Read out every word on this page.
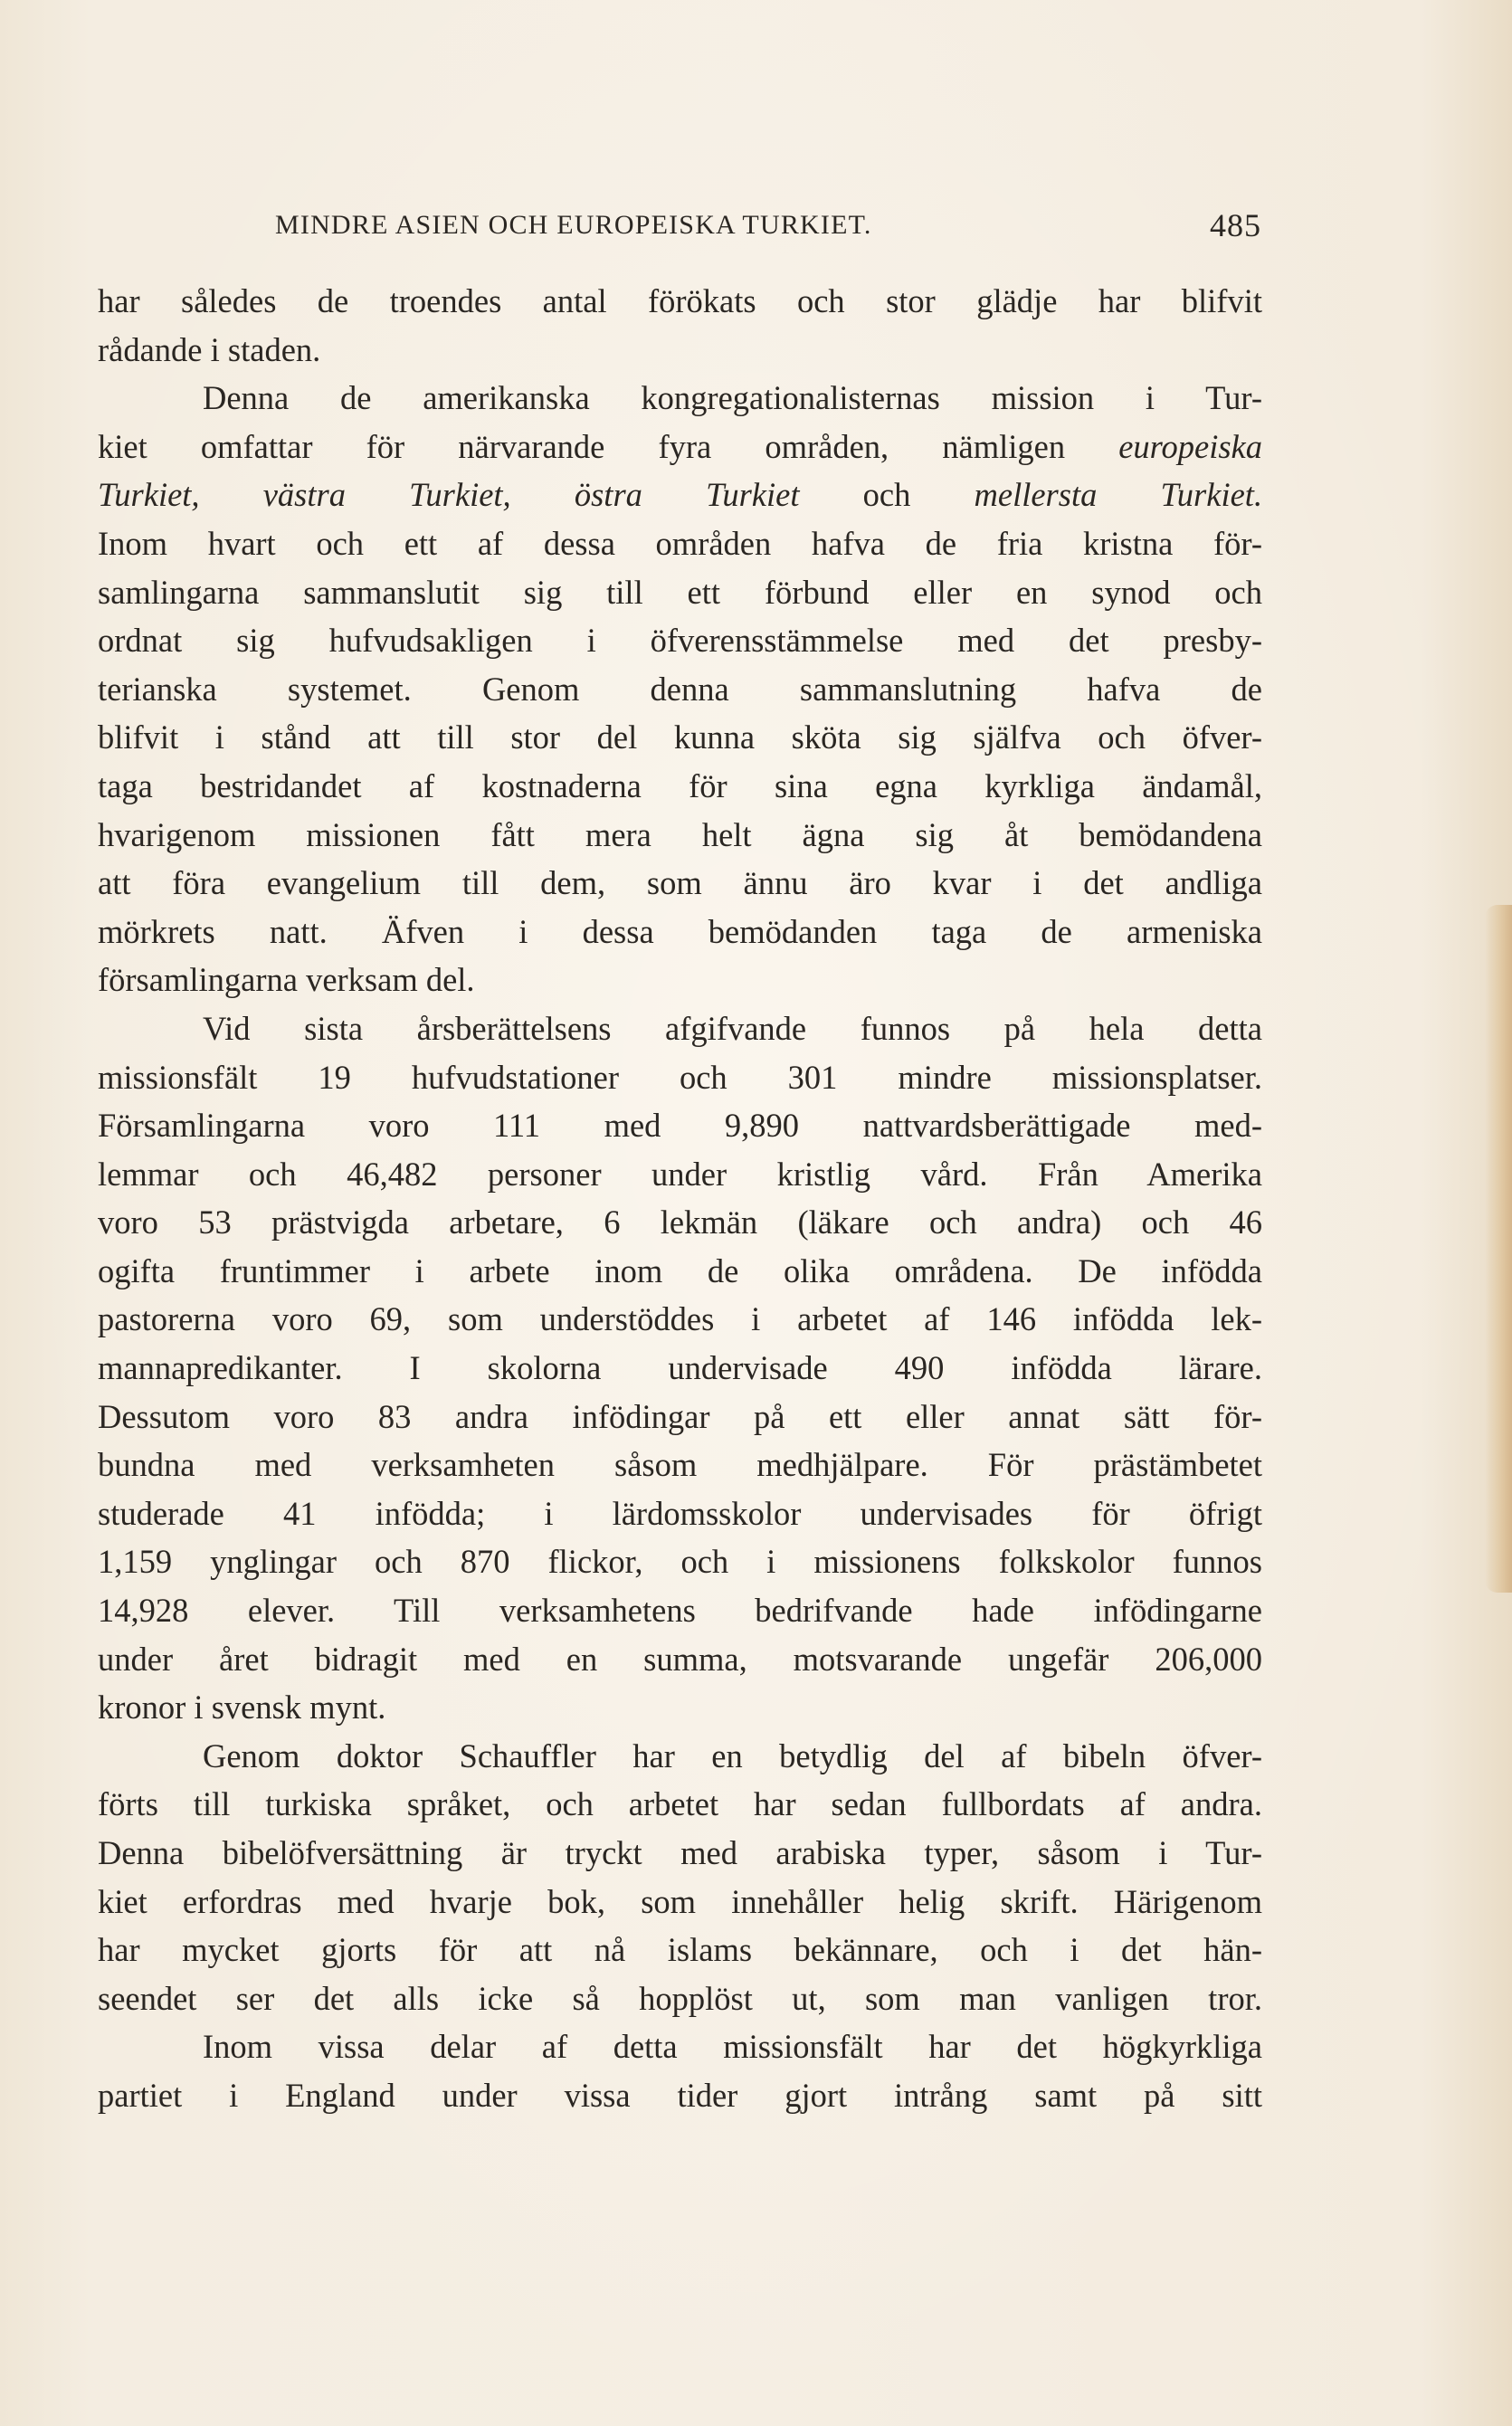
MINDRE ASIEN OCH EUROPEISKA TURKIET.	485
har således de troendes antal förökats och stor glädje har blifvit
rådande i staden.
Denna de amerikanska kongregationalisternas mission i Tur-
kiet omfattar för närvarande fyra områden, nämligen europeiska
Turkiet, västra Turkiet, östra Turkiet och mellersta Turkiet.
Inom hvart och ett af dessa områden hafva de fria kristna för-
samlingarna sammanslutit sig till ett förbund eller en synod och
ordnat sig hufvudsakligen i öfverensstämmelse med det presby-
terianska systemet. Genom denna sammanslutning hafva de
blifvit i stånd att till stor del kunna sköta sig själfva och öfver-
taga bestridandet af kostnaderna för sina egna kyrkliga ändamål,
hvarigenom missionen fått mera helt ägna sig åt bemödandena
att föra evangelium till dem, som ännu äro kvar i det andliga
mörkrets natt. Äfven i dessa bemödanden taga de armeniska
församlingarna verksam del.
Vid sista årsberättelsens afgifvande funnos på hela detta
missionsfält 19 hufvudstationer och 301 mindre missionsplatser.
Församlingarna voro 111 med 9,890 nattvardsberättigade med-
lemmar och 46,482 personer under kristlig vård. Från Amerika
voro 53 prästvigda arbetare, 6 lekmän (läkare och andra) och 46
ogifta fruntimmer i arbete inom de olika områdena. De infödda
pastorerna voro 69, som understöddes i arbetet af 146 infödda lek-
mannapredikanter. I skolorna undervisade 490 infödda lärare.
Dessutom voro 83 andra infödingar på ett eller annat sätt för-
bundna med verksamheten såsom medhjälpare. För prästämbetet
studerade 41 infödda; i lärdomsskolor undervisades för öfrigt
1,159 ynglingar och 870 flickor, och i missionens folkskolor funnos
14,928 elever. Till verksamhetens bedrifvande hade infödingarne
under året bidragit med en summa, motsvarande ungefär 206,000
kronor i svensk mynt.
Genom doktor Schauffler har en betydlig del af bibeln öfver-
förts till turkiska språket, och arbetet har sedan fullbordats af andra.
Denna bibelöfversättning är tryckt med arabiska typer, såsom i Tur-
kiet erfordras med hvarje bok, som innehåller helig skrift. Härigenom
har mycket gjorts för att nå islams bekännare, och i det hän-
seendet ser det alls icke så hopplöst ut, som man vanligen tror.
Inom vissa delar af detta missionsfält har det högkyrkliga
partiet i England under vissa tider gjort intrång samt på sitt
